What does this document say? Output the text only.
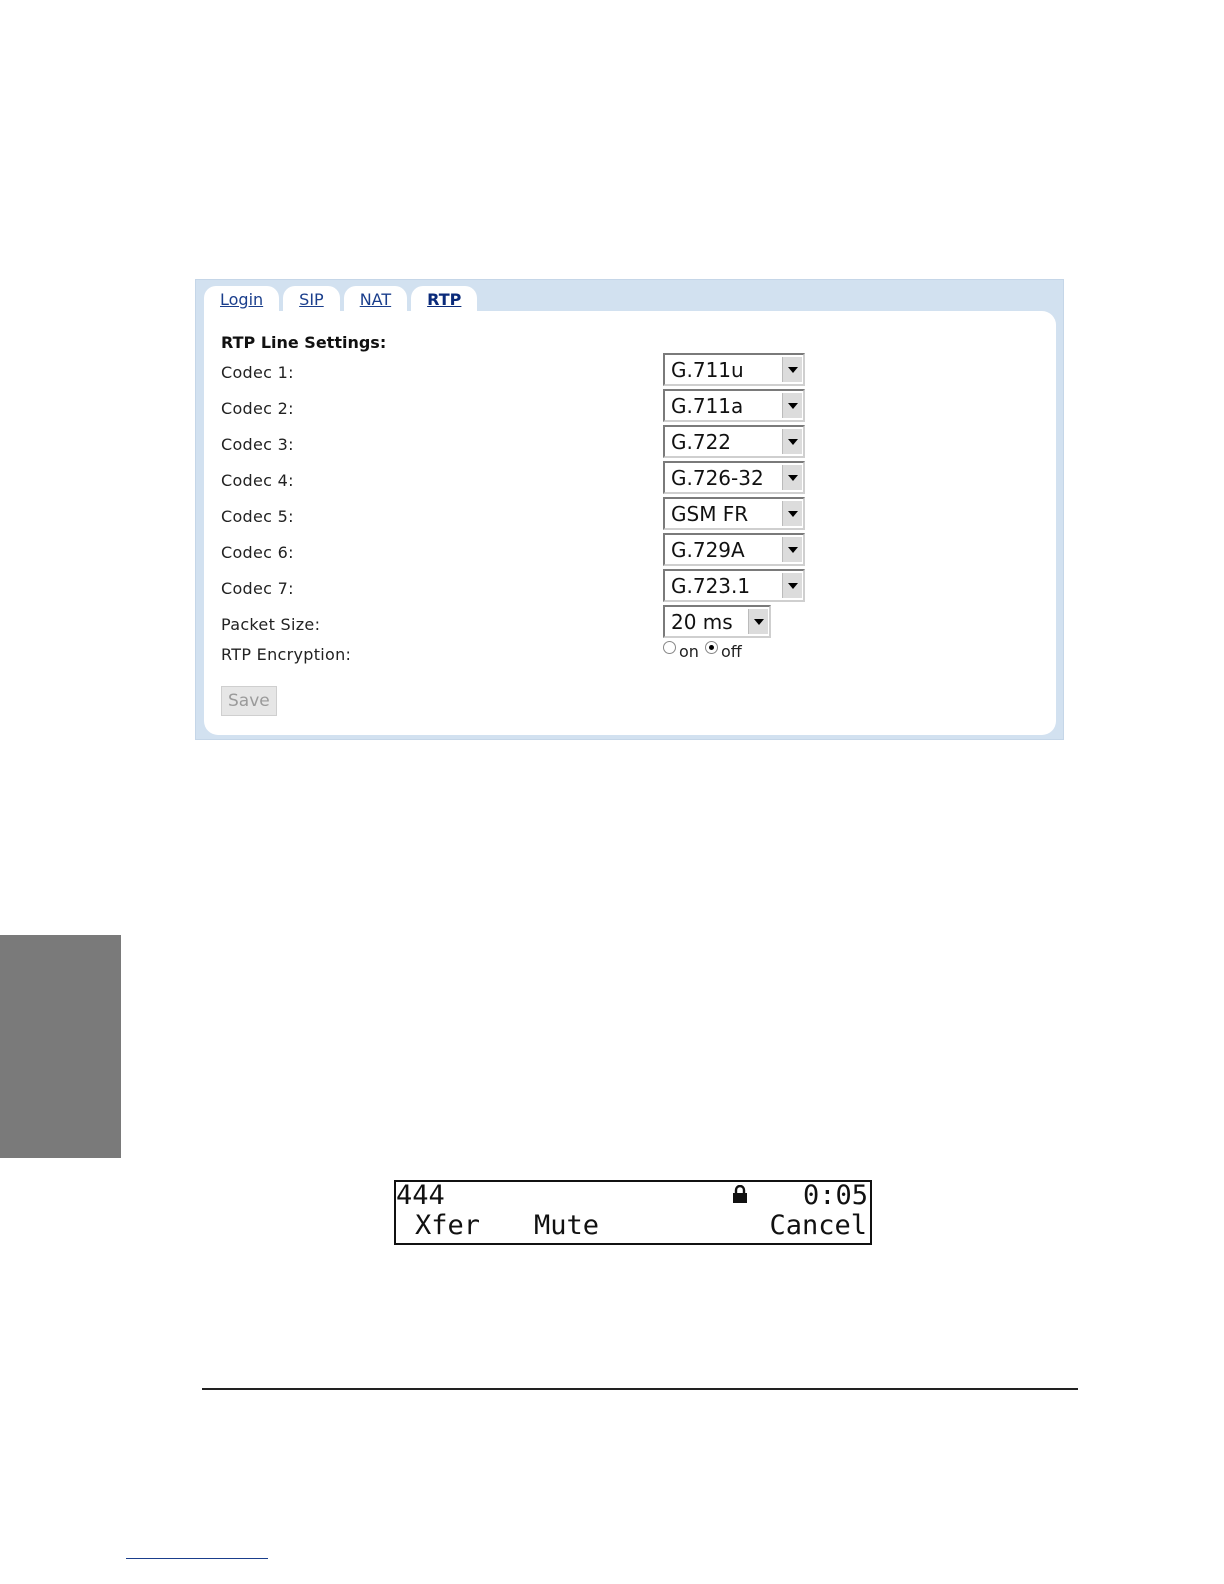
Login	SIP	NAT	RTP
RTP Line Settings:
Codec 1:	G.711u
Codec 2:	G.711a
Codec 3:	G.722
Codec 4:	G.726-32
Codec 5:	GSM FR
Codec 6:	G.729A
Codec 7:	G.723.1
Packet Size:	20 ms
RTP Encryption:	on off
Save
444	0:05
Xfer Mute	Cancel
